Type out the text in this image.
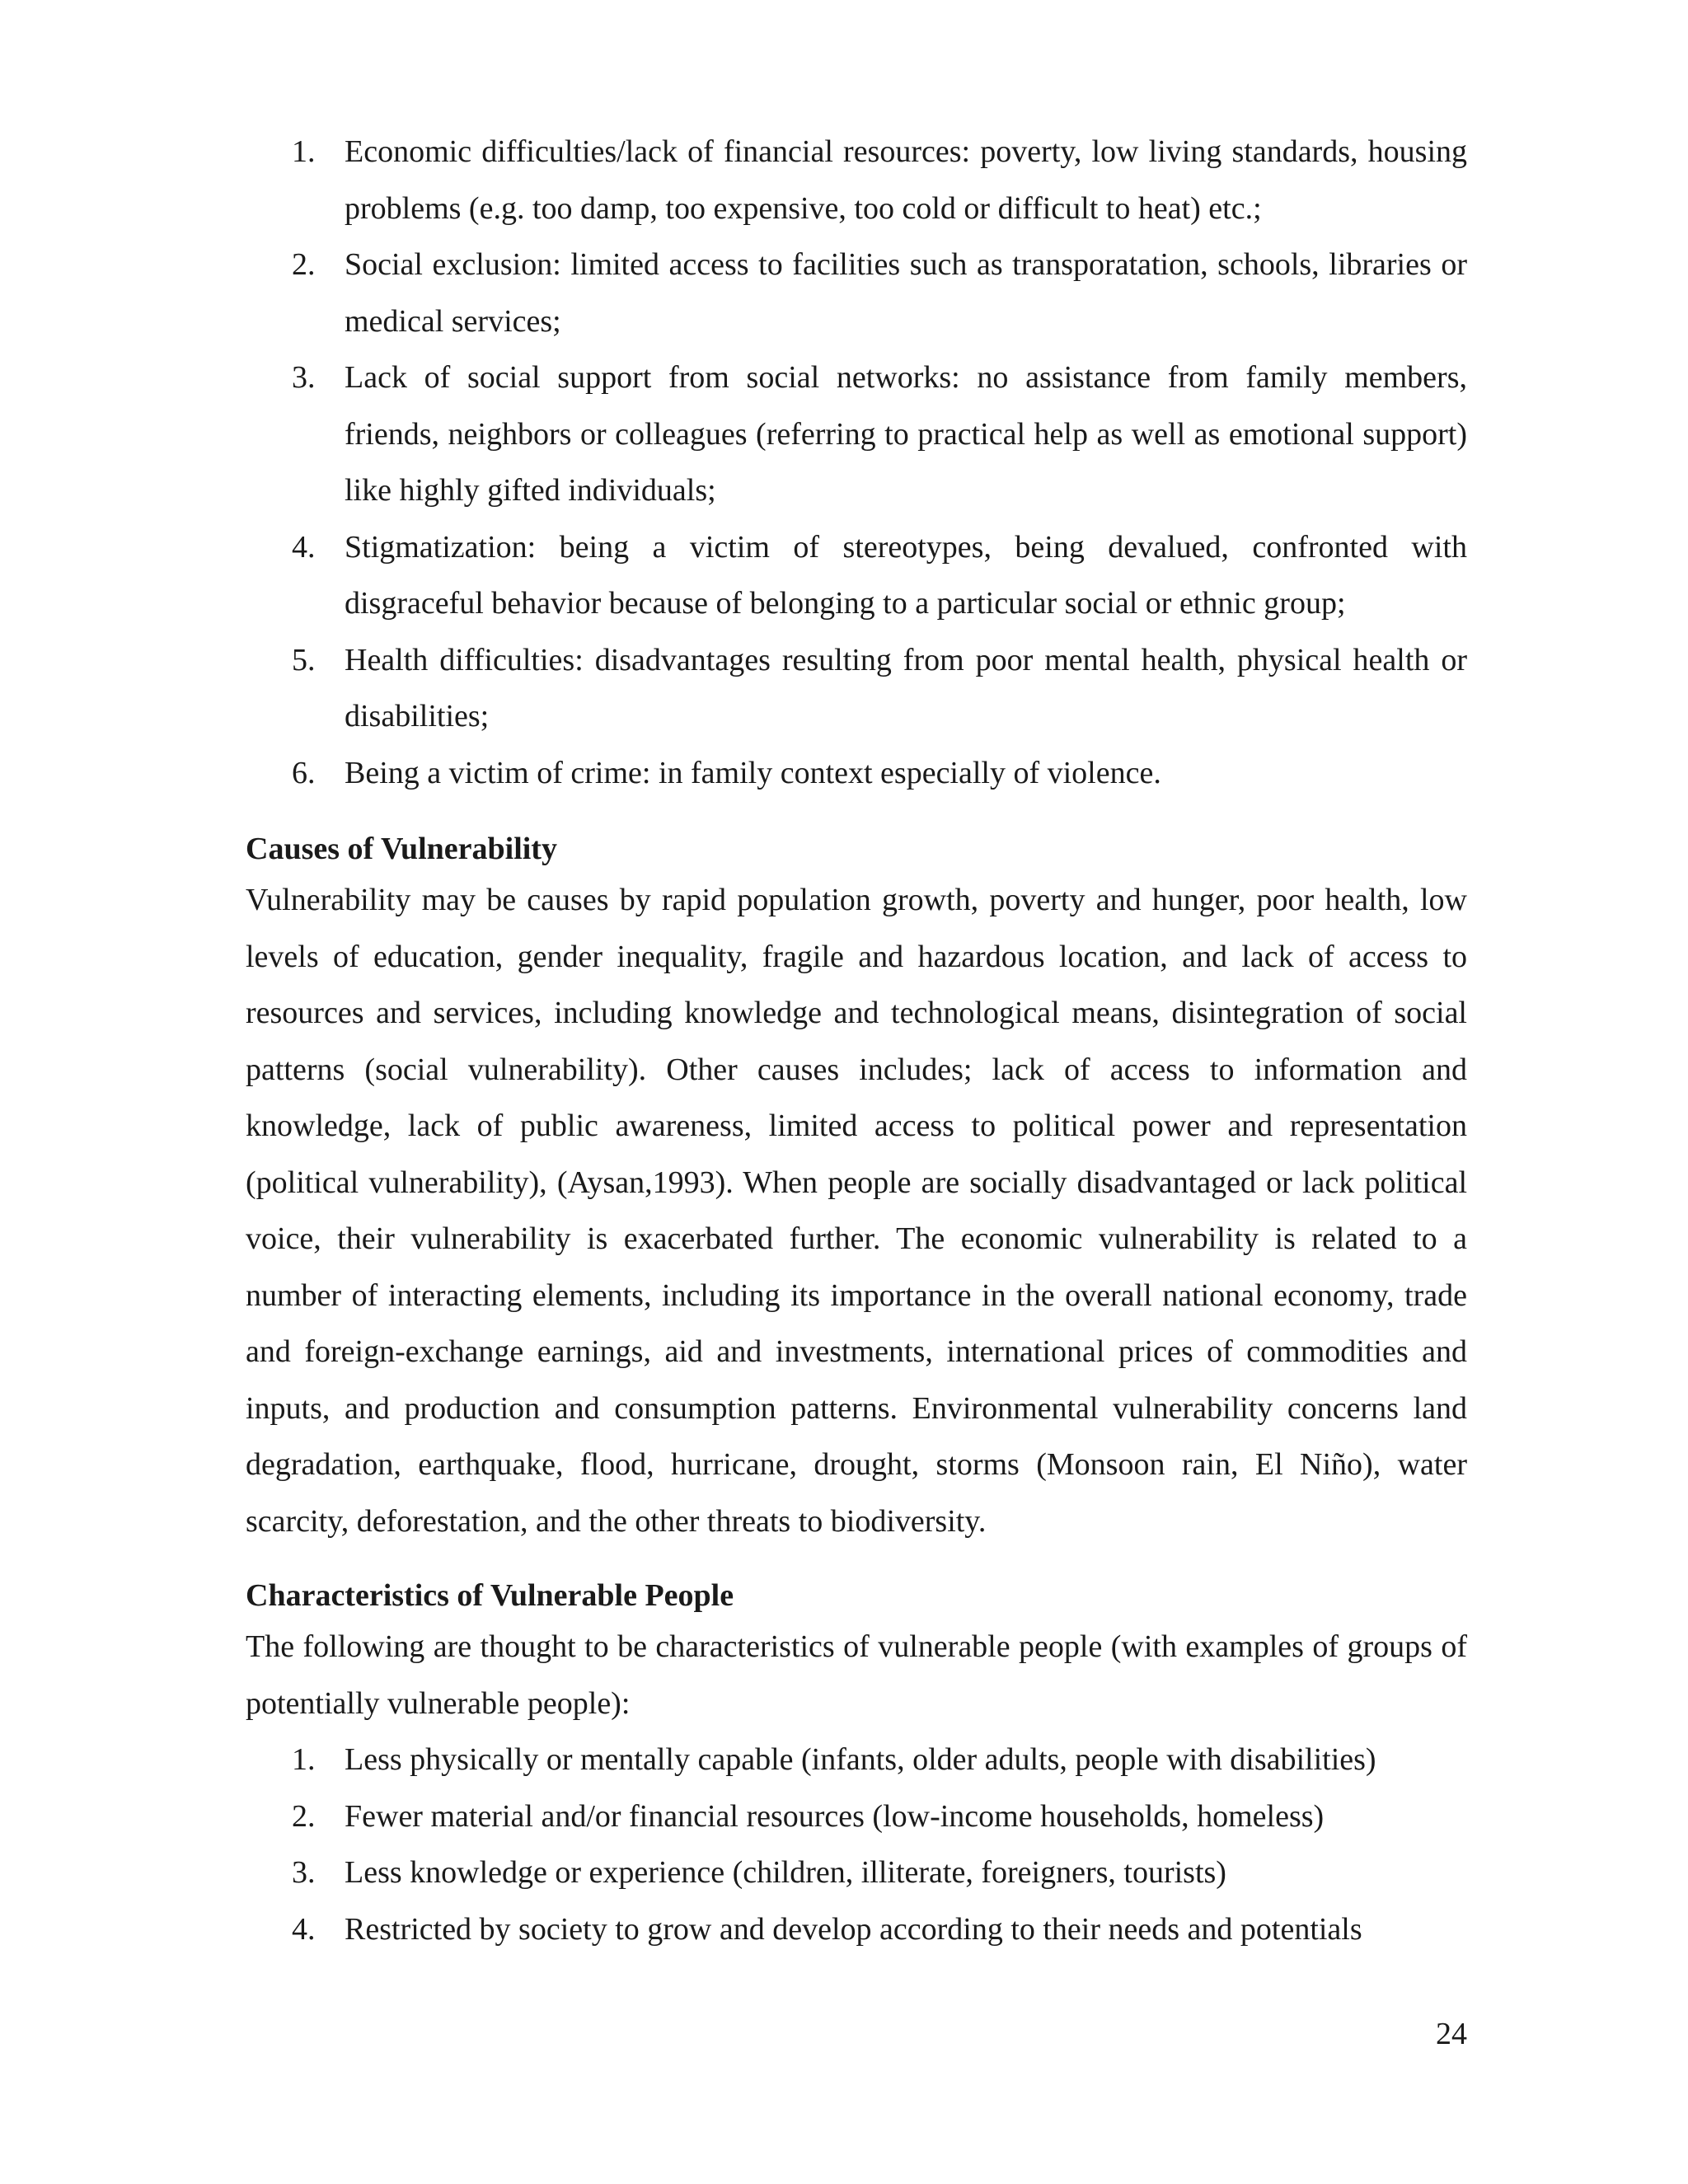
1. Economic difficulties/lack of financial resources: poverty, low living standards, housing problems (e.g. too damp, too expensive, too cold or difficult to heat) etc.;
2. Social exclusion: limited access to facilities such as transporatation, schools, libraries or medical services;
3. Lack of social support from social networks: no assistance from family members, friends, neighbors or colleagues (referring to practical help as well as emotional support) like highly gifted individuals;
4. Stigmatization: being a victim of stereotypes, being devalued, confronted with disgraceful behavior because of belonging to a particular social or ethnic group;
5. Health difficulties: disadvantages resulting from poor mental health, physical health or disabilities;
6. Being a victim of crime: in family context especially of violence.
Causes of Vulnerability

Vulnerability may be causes by rapid population growth, poverty and hunger, poor health, low levels of education, gender inequality, fragile and hazardous location, and lack of access to resources and services, including knowledge and technological means, disintegration of social patterns (social vulnerability). Other causes includes; lack of access to information and knowledge, lack of public awareness, limited access to political power and representation (political vulnerability), (Aysan,1993). When people are socially disadvantaged or lack political voice, their vulnerability is exacerbated further. The economic vulnerability is related to a number of interacting elements, including its importance in the overall national economy, trade and foreign-exchange earnings, aid and investments, international prices of commodities and inputs, and production and consumption patterns. Environmental vulnerability concerns land degradation, earthquake, flood, hurricane, drought, storms (Monsoon rain, El Niño), water scarcity, deforestation, and the other threats to biodiversity.

Characteristics of Vulnerable People

The following are thought to be characteristics of vulnerable people (with examples of groups of potentially vulnerable people):

1. Less physically or mentally capable (infants, older adults, people with disabilities)
2. Fewer material and/or financial resources (low-income households, homeless)
3. Less knowledge or experience (children, illiterate, foreigners, tourists)
4. Restricted by society to grow and develop according to their needs and potentials
24
